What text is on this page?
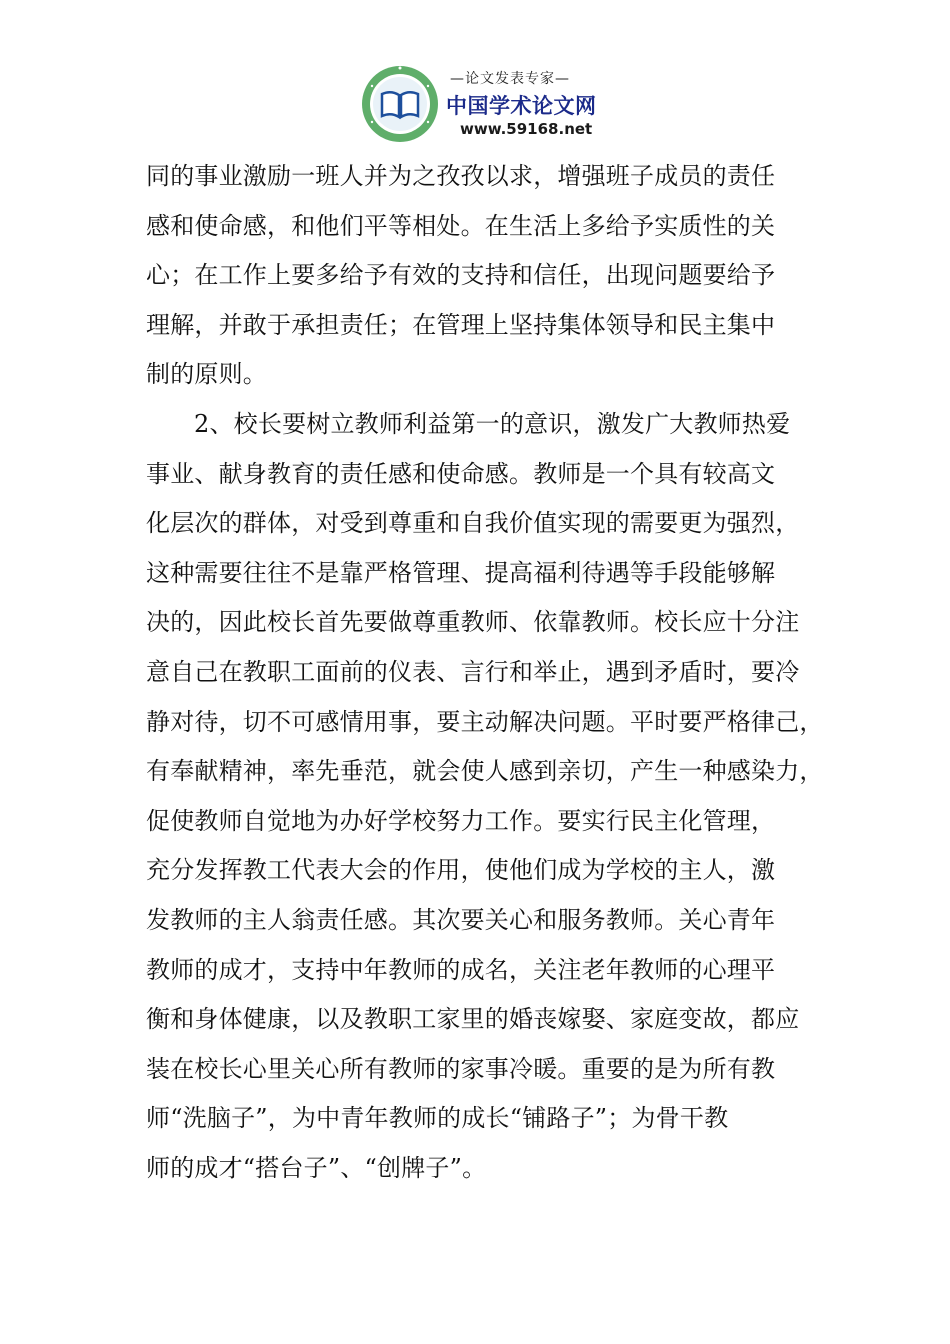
—论文发表专家—
中国学术论文网
www.59168.net
同的事业激励一班人并为之孜孜以求，增强班子成员的责任
感和使命感，和他们平等相处。在生活上多给予实质性的关
心；在工作上要多给予有效的支持和信任，出现问题要给予
理解，并敢于承担责任；在管理上坚持集体领导和民主集中
制的原则。
2、校长要树立教师利益第一的意识，激发广大教师热爱
事业、献身教育的责任感和使命感。教师是一个具有较高文
化层次的群体，对受到尊重和自我价值实现的需要更为强烈，
这种需要往往不是靠严格管理、提高福利待遇等手段能够解
决的，因此校长首先要做尊重教师、依靠教师。校长应十分注
意自己在教职工面前的仪表、言行和举止，遇到矛盾时，要冷
静对待，切不可感情用事，要主动解决问题。平时要严格律己，
有奉献精神，率先垂范，就会使人感到亲切，产生一种感染力，
促使教师自觉地为办好学校努力工作。要实行民主化管理，
充分发挥教工代表大会的作用，使他们成为学校的主人，激
发教师的主人翁责任感。其次要关心和服务教师。关心青年
教师的成才，支持中年教师的成名，关注老年教师的心理平
衡和身体健康，以及教职工家里的婚丧嫁娶、家庭变故，都应
装在校长心里关心所有教师的家事冷暖。重要的是为所有教
师“洗脑子”，为中青年教师的成长“铺路子”；为骨干教
师的成才“搭台子”、“创牌子”。
